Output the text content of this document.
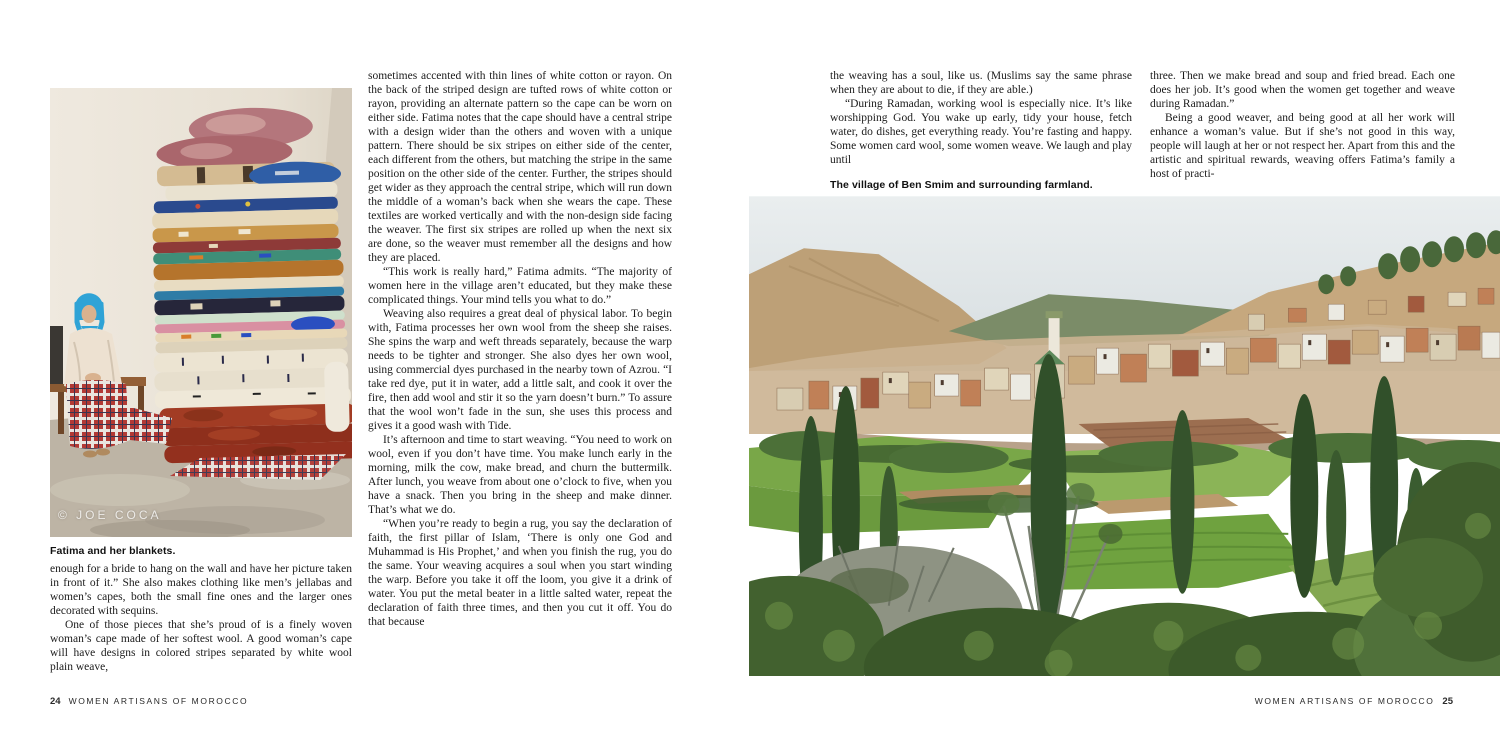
© JOE COCA
Fatima and her blankets.

enough for a bride to hang on the wall and have her picture taken in front of it.” She also makes clothing like men’s jellabas and women’s capes, both the small fine ones and the larger ones decorated with sequins.

One of those pieces that she’s proud of is a finely woven woman’s cape made of her softest wool. A good woman’s cape will have designs in colored stripes separated by white wool plain weave,

sometimes accented with thin lines of white cotton or rayon. On the back of the striped design are tufted rows of white cotton or rayon, providing an alternate pattern so the cape can be worn on either side. Fatima notes that the cape should have a central stripe with a design wider than the others and woven with a unique pattern. There should be six stripes on either side of the center, each different from the others, but matching the stripe in the same position on the other side of the center. Further, the stripes should get wider as they approach the central stripe, which will run down the middle of a woman’s back when she wears the cape. These textiles are worked vertically and with the non-design side facing the weaver. The first six stripes are rolled up when the next six are done, so the weaver must remember all the designs and how they are placed.

“This work is really hard,” Fatima admits. “The majority of women here in the village aren’t educated, but they make these complicated things. Your mind tells you what to do.”

Weaving also requires a great deal of physical labor. To begin with, Fatima processes her own wool from the sheep she raises. She spins the warp and weft threads separately, because the warp needs to be tighter and stronger. She also dyes her own wool, using commercial dyes purchased in the nearby town of Azrou. “I take red dye, put it in water, add a little salt, and cook it over the fire, then add wool and stir it so the yarn doesn’t burn.” To assure that the wool won’t fade in the sun, she uses this process and gives it a good wash with Tide.

It’s afternoon and time to start weaving. “You need to work on wool, even if you don’t have time. You make lunch early in the morning, milk the cow, make bread, and churn the buttermilk. After lunch, you weave from about one o’clock to five, when you have a snack. Then you bring in the sheep and make dinner. That’s what we do.

“When you’re ready to begin a rug, you say the declaration of faith, the first pillar of Islam, ‘There is only one God and Muhammad is His Prophet,’ and when you finish the rug, you do the same. Your weaving acquires a soul when you start winding the warp. Before you take it off the loom, you give it a drink of water. You put the metal beater in a little salted water, repeat the declaration of faith three times, and then you cut it off. You do that because

the weaving has a soul, like us. (Muslims say the same phrase when they are about to die, if they are able.)

“During Ramadan, working wool is especially nice. It’s like worshipping God. You wake up early, tidy your house, fetch water, do dishes, get everything ready. You’re fasting and happy. Some women card wool, some women weave. We laugh and play until

The village of Ben Smim and surrounding farmland.

three. Then we make bread and soup and fried bread. Each one does her job. It’s good when the women get together and weave during Ramadan.”

Being a good weaver, and being good at all her work will enhance a woman’s value. But if she’s not good in this way, people will laugh at her or not respect her. Apart from this and the artistic and spiritual rewards, weaving offers Fatima’s family a host of practi-

24 WOMEN ARTISANS OF MOROCCO	WOMEN ARTISANS OF MOROCCO 25
